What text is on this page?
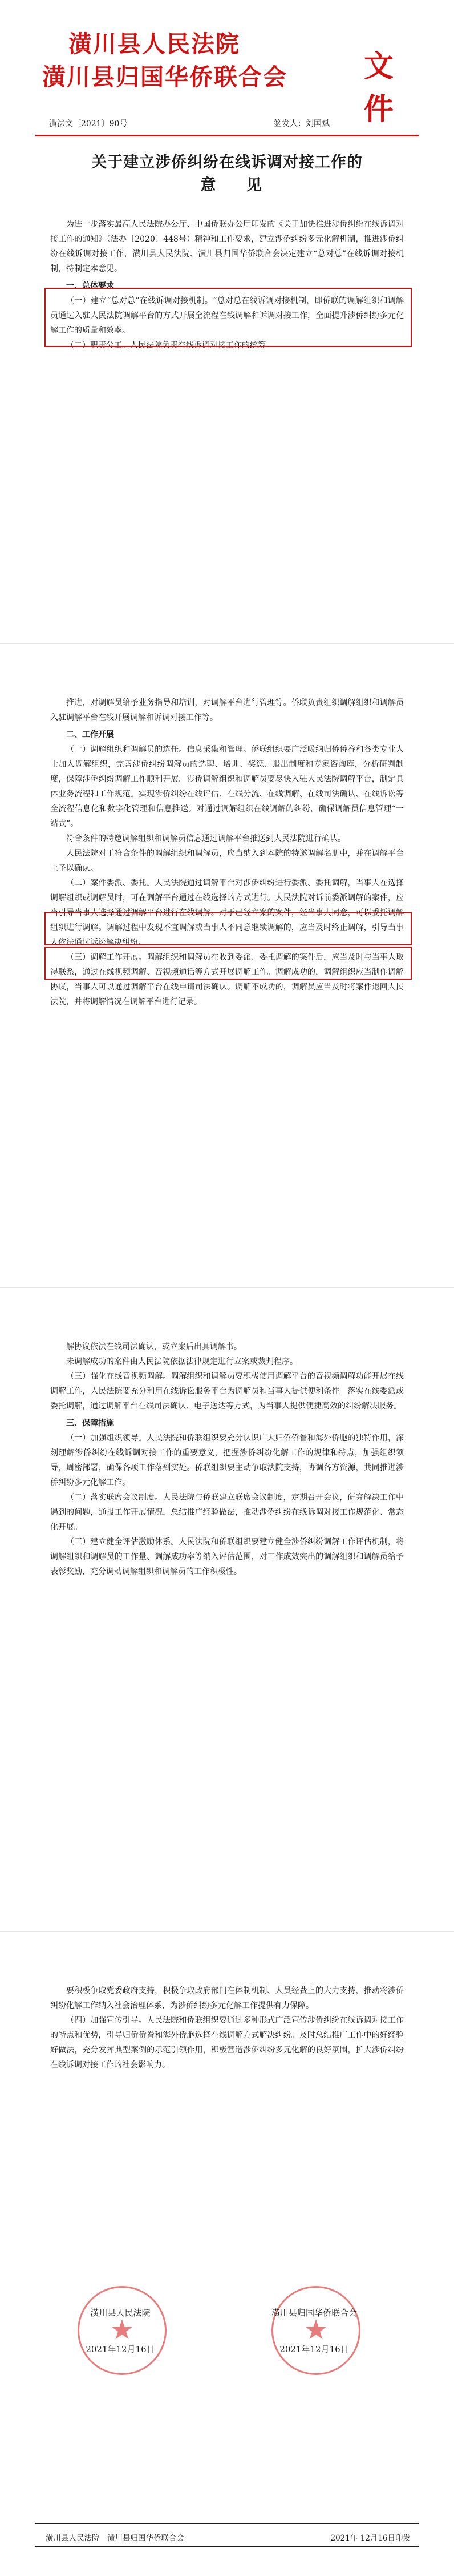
潢川县人民法院
潢川县归国华侨联合会	文件
潢法文〔2021〕90号	签发人：刘国斌
关于建立涉侨纠纷在线诉调对接工作的
意 见

为进一步落实最高人民法院办公厅、中国侨联办公厅印发的《关于加快推进涉侨纠纷在线诉调对接工作的通知》（法办〔2020〕448号）精神和工作要求，建立涉侨纠纷多元化解机制，推进涉侨纠纷在线诉调对接工作，潢川县人民法院、潢川县归国华侨联合会决定建立“总对总”在线诉调对接机制，特制定本意见。

一、总体要求

（一）建立“总对总”在线诉调对接机制。“总对总在线诉调对接机制，即侨联的调解组织和调解员通过入驻人民法院调解平台的方式开展全流程在线调解和诉调对接工作，全面提升涉侨纠纷多元化解工作的质量和效率。

（二）职责分工。人民法院负责在线诉调对接工作的统筹

推进，对调解员给予业务指导和培训，对调解平台进行管理等。侨联负责组织调解组织和调解员入驻调解平台在线开展调解和诉调对接工作等。

二、工作开展

（一）调解组织和调解员的选任。信息采集和管理。侨联组织要广泛吸纳归侨侨眷和各类专业人士加入调解组织，完善涉侨纠纷调解员的选聘、培训、奖惩、退出制度和专家咨询库，分析研判制度，保障涉侨纠纷调解工作顺利开展。涉侨调解组织和调解员要尽快入驻人民法院调解平台，制定具体业务流程和工作规范。实现涉侨纠纷在线评估、在线分流、在线调解、在线司法确认、在线诉讼等全流程信息化和数字化管理和信息推送。对通过调解组织在线调解的纠纷，确保调解员信息管理“一站式”。

符合条件的特邀调解组织和调解员信息通过调解平台推送到人民法院进行确认。

人民法院对于符合条件的调解组织和调解员，应当纳入到本院的特邀调解名册中，并在调解平台上予以确认。

（二）案件委派、委托。人民法院通过调解平台对涉侨纠纷进行委派、委托调解，当事人在选择调解组织或调解员时，可在调解平台通过在线选择的方式进行。人民法院对诉前委派调解的案件，应当引导当事人选择通过调解平台进行在线调解。对于已经立案的案件，经当事人同意，可以委托调解组织进行调解。调解过程中发现不宜调解或当事人不同意继续调解的，应当及时终止调解，引导当事人依法通过诉讼解决纠纷。

（三）调解工作开展。调解组织和调解员在收到委派、委托调解的案件后，应当及时与当事人取得联系，通过在线视频调解、音视频通话等方式开展调解工作。调解成功的，调解组织应当制作调解协议，当事人可以通过调解平台在线申请司法确认。调解不成功的，调解员应当及时将案件退回人民法院，并将调解情况在调解平台进行记录。

解协议依法在线司法确认，或立案后出具调解书。

未调解成功的案件由人民法院依据法律规定进行立案或裁判程序。

（三）强化在线音视频调解。调解组织和调解员要积极使用调解平台的音视频调解功能开展在线调解工作，人民法院要充分利用在线诉讼服务平台为调解员和当事人提供便利条件。落实在线委派或委托调解，通过调解平台在线司法确认、电子送达等方式，为当事人提供便捷高效的纠纷解决服务。

三、保障措施

（一）加强组织领导。人民法院和侨联组织要充分认识广大归侨侨眷和海外侨胞的独特作用，深刻理解涉侨纠纷在线诉调对接工作的重要意义，把握涉侨纠纷化解工作的规律和特点，加强组织领导，周密部署，确保各项工作落到实处。侨联组织要主动争取法院支持，协调各方资源，共同推进涉侨纠纷多元化解工作。

（二）落实联席会议制度。人民法院与侨联建立联席会议制度，定期召开会议，研究解决工作中遇到的问题，通报工作开展情况，总结推广经验做法，推动涉侨纠纷在线诉调对接工作规范化、常态化开展。

（三）建立健全评估激励体系。人民法院和侨联组织要建立健全涉侨纠纷调解工作评估机制，将调解组织和调解员的工作量、调解成功率等纳入评估范围，对工作成效突出的调解组织和调解员给予表彰奖励，充分调动调解组织和调解员的工作积极性。

要积极争取党委政府支持，积极争取政府部门在体制机制、人员经费上的大力支持，推动将涉侨纠纷化解工作纳入社会治理体系，为涉侨纠纷多元化解工作提供有力保障。

（四）加强宣传引导。人民法院和侨联组织要通过多种形式广泛宣传涉侨纠纷在线诉调对接工作的特点和优势，引导归侨侨眷和海外侨胞选择在线调解方式解决纠纷。及时总结推广工作中的好经验好做法，充分发挥典型案例的示范引领作用，积极营造涉侨纠纷多元化解的良好氛围，扩大涉侨纠纷在线诉调对接工作的社会影响力。

★
潢川县人民法院
2021年12月16日
★
潢川县归国华侨联合会
2021年12月16日
潢川县人民法院　潢川县归国华侨联合会	2021年 12月16日印发
